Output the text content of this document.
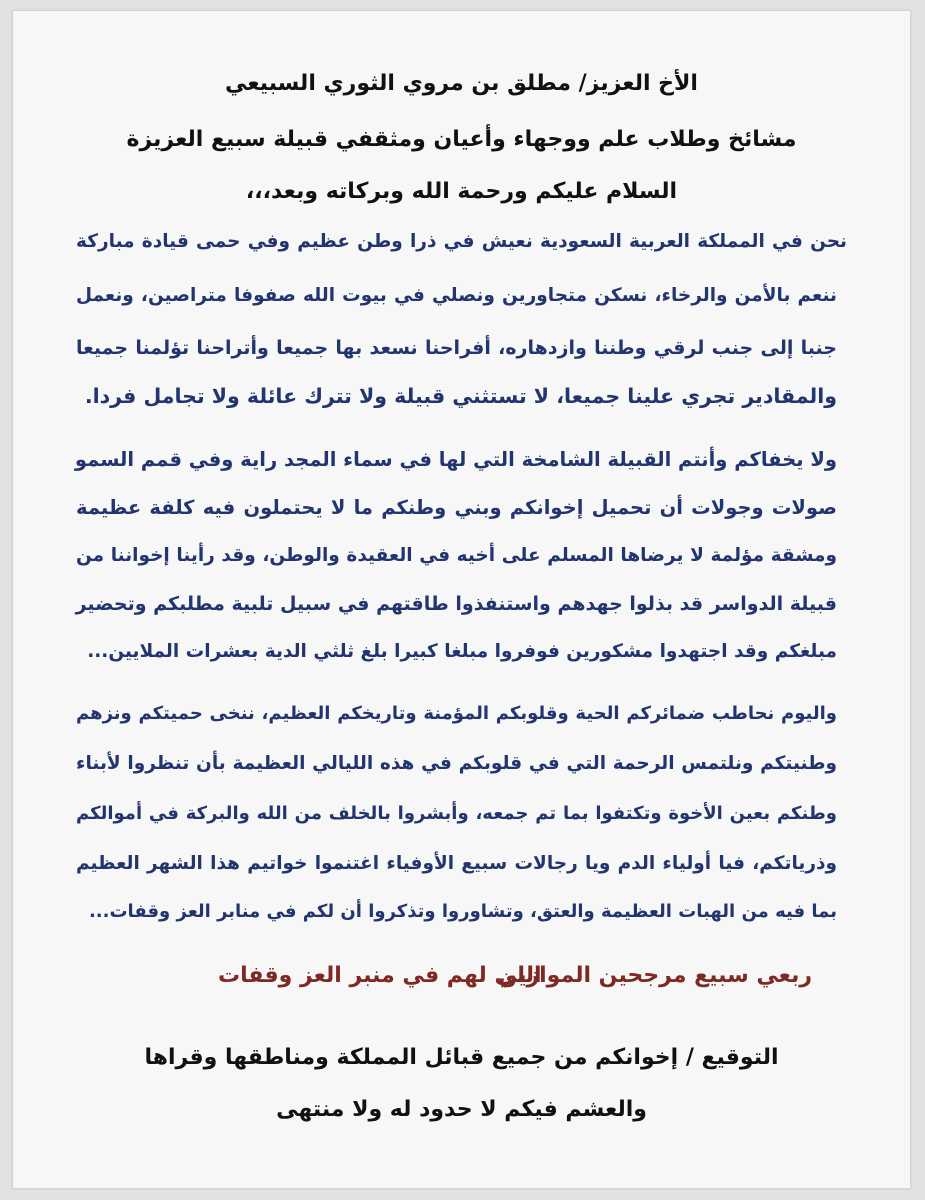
الأخ العزيز/ مطلق بن مروي الثوري السبيعي
مشائخ وطلاب علم ووجهاء وأعيان ومثقفي قبيلة سبيع العزيزة
السلام عليكم ورحمة الله وبركاته وبعد،،،
نحن في المملكة العربية السعودية نعيش في ذرا وطن عظيم وفي حمى قيادة مباركة
ننعم بالأمن والرخاء، نسكن متجاورين ونصلي في بيوت الله صفوفا متراصين، ونعمل
جنبا إلى جنب لرقي وطننا وازدهاره، أفراحنا نسعد بها جميعا وأتراحنا تؤلمنا جميعا
والمقادير تجري علينا جميعا، لا تستثني قبيلة ولا تترك عائلة ولا تجامل فردا.
ولا يخفاكم وأنتم القبيلة الشامخة التي لها في سماء المجد راية وفي قمم السمو
صولات وجولات أن تحميل إخوانكم وبني وطنكم ما لا يحتملون فيه كلفة عظيمة
ومشقة مؤلمة لا يرضاها المسلم على أخيه في العقيدة والوطن، وقد رأينا إخواننا من
قبيلة الدواسر قد بذلوا جهدهم واستنفذوا طاقتهم في سبيل تلبية مطلبكم وتحضير
مبلغكم وقد اجتهدوا مشكورين فوفروا مبلغا كبيرا بلغ ثلثي الدية بعشرات الملايين...
واليوم نحاطب ضمائركم الحية وقلوبكم المؤمنة وتاريخكم العظيم، ننخى حميتكم ونزهم
وطنيتكم ونلتمس الرحمة التي في قلوبكم في هذه الليالي العظيمة بأن تنظروا لأبناء
وطنكم بعين الأخوة وتكتفوا بما تم جمعه، وأبشروا بالخلف من الله والبركة في أموالكم
وذرياتكم، فيا أولياء الدم ويا رجالات سبيع الأوفياء اغتنموا خواتيم هذا الشهر العظيم
بما فيه من الهبات العظيمة والعتق، وتشاوروا وتذكروا أن لكم في منابر العز وقفات...
ربعي سبيع مرجحين الموازين
اللي لهم في منبر العز وقفات
التوقيع / إخوانكم من جميع قبائل المملكة ومناطقها وقراها
والعشم فيكم لا حدود له ولا منتهى
